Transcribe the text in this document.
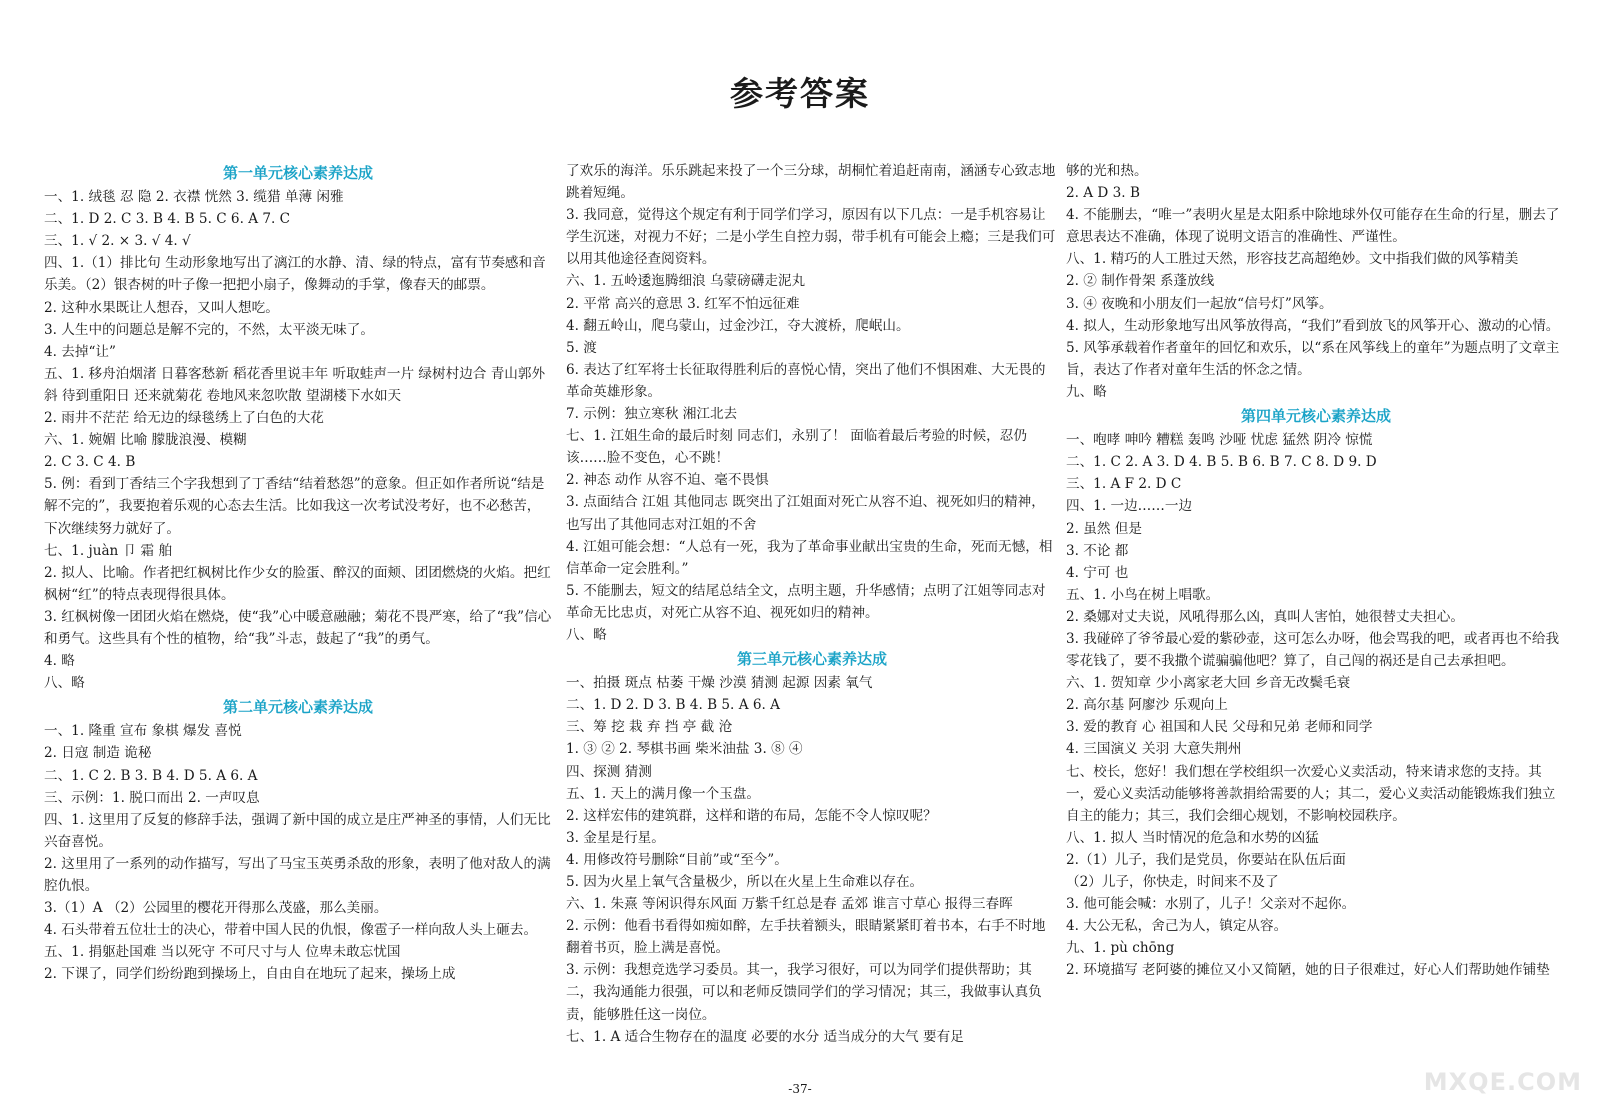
参考答案
第一单元核心素养达成
一、1. 绒毯 忍 隐 2. 衣襟 恍然 3. 缆猎 单薄 闲雅
二、1. D 2. C 3. B 4. B 5. C 6. A 7. C
三、1. √ 2. × 3. √ 4. √
四、1.（1）排比句 生动形象地写出了漓江的水静、清、绿的特点，富有节奏感和音乐美。（2）银杏树的叶子像一把把小扇子，像舞动的手掌，像春天的邮票。
2. 这种水果既让人想吞，又叫人想吃。
3. 人生中的问题总是解不完的，不然，太平淡无味了。
4. 去掉“让”
五、1. 移舟泊烟渚 日暮客愁新 稻花香里说丰年 听取蛙声一片 绿树村边合 青山郭外斜 待到重阳日 还来就菊花 卷地风来忽吹散 望湖楼下水如天
2. 雨井不茫茫 给无边的绿毯绣上了白色的大花
六、1. 婉媚 比喻 朦胧浪漫、模糊
2. C 3. C 4. B
5. 例：看到丁香结三个字我想到了丁香结“结着愁怨”的意象。但正如作者所说“结是解不完的”，我要抱着乐观的心态去生活。比如我这一次考试没考好，也不必愁苦，下次继续努力就好了。
七、1. juàn 卩 霜 舶
2. 拟人、比喻。作者把红枫树比作少女的脸蛋、醉汉的面颊、团团燃烧的火焰。把红枫树“红”的特点表现得很具体。
3. 红枫树像一团团火焰在燃烧，使“我”心中暖意融融；菊花不畏严寒，给了“我”信心和勇气。这些具有个性的植物，给“我”斗志，鼓起了“我”的勇气。
4. 略
八、略
第二单元核心素养达成
一、1. 隆重 宣布 象棋 爆发 喜悦
2. 日寇 制造 诡秘
二、1. C 2. B 3. B 4. D 5. A 6. A
三、示例：1. 脱口而出 2. 一声叹息
四、1. 这里用了反复的修辞手法，强调了新中国的成立是庄严神圣的事情，人们无比兴奋喜悦。
2. 这里用了一系列的动作描写，写出了马宝玉英勇杀敌的形象，表明了他对敌人的满腔仇恨。
3.（1）A （2）公园里的樱花开得那么茂盛，那么美丽。
4. 石头带着五位壮士的决心，带着中国人民的仇恨，像雹子一样向敌人头上砸去。
五、1. 捐躯赴国难 当以死守 不可尺寸与人 位卑未敢忘忧国
2. 下课了，同学们纷纷跑到操场上，自由自在地玩了起来，操场上成
了欢乐的海洋。乐乐跳起来投了一个三分球，胡桐忙着追赶南南，涵涵专心致志地跳着短绳。
3. 我同意，觉得这个规定有利于同学们学习，原因有以下几点：一是手机容易让学生沉迷，对视力不好；二是小学生自控力弱，带手机有可能会上瘾；三是我们可以用其他途径查阅资料。
六、1. 五岭逶迤腾细浪 乌蒙磅礴走泥丸
2. 平常 高兴的意思 3. 红军不怕远征难
4. 翻五岭山，爬乌蒙山，过金沙江，夺大渡桥，爬岷山。
5. 渡
6. 表达了红军将士长征取得胜利后的喜悦心情，突出了他们不惧困难、大无畏的革命英雄形象。
7. 示例：独立寒秋 湘江北去
七、1. 江姐生命的最后时刻 同志们，永别了！ 面临着最后考验的时候，忍仍该……脸不变色，心不跳！
2. 神态 动作 从容不迫、毫不畏惧
3. 点面结合 江姐 其他同志 既突出了江姐面对死亡从容不迫、视死如归的精神，也写出了其他同志对江姐的不舍
4. 江姐可能会想：“人总有一死，我为了革命事业献出宝贵的生命，死而无憾，相信革命一定会胜利。”
5. 不能删去，短文的结尾总结全文，点明主题，升华感情；点明了江姐等同志对革命无比忠贞，对死亡从容不迫、视死如归的精神。
八、略
第三单元核心素养达成
一、拍摄 斑点 枯萎 干燥 沙漠 猜测 起源 因素 氧气
二、1. D 2. D 3. B 4. B 5. A 6. A
三、筹 挖 栽 弃 挡 亭 截 沧
1. ③ ② 2. 琴棋书画 柴米油盐 3. ⑧ ④
四、探测 猜测
五、1. 天上的满月像一个玉盘。
2. 这样宏伟的建筑群，这样和谐的布局，怎能不令人惊叹呢？
3. 金星是行星。
4. 用修改符号删除“目前”或“至今”。
5. 因为火星上氧气含量极少，所以在火星上生命难以存在。
六、1. 朱熹 等闲识得东风面 万紫千红总是春 孟郊 谁言寸草心 报得三春晖
2. 示例：他看书看得如痴如醉，左手扶着额头，眼睛紧紧盯着书本，右手不时地翻着书页，脸上满是喜悦。
3. 示例：我想竞选学习委员。其一，我学习很好，可以为同学们提供帮助；其二，我沟通能力很强，可以和老师反馈同学们的学习情况；其三，我做事认真负责，能够胜任这一岗位。
七、1. A 适合生物存在的温度 必要的水分 适当成分的大气 要有足
够的光和热。
2. A D 3. B
4. 不能删去，“唯一”表明火星是太阳系中除地球外仅可能存在生命的行星，删去了意思表达不准确，体现了说明文语言的准确性、严谨性。
八、1. 精巧的人工胜过天然，形容技艺高超绝妙。文中指我们做的风筝精美
2. ② 制作骨架 系蓬放线
3. ④ 夜晚和小朋友们一起放“信号灯”风筝。
4. 拟人，生动形象地写出风筝放得高，“我们”看到放飞的风筝开心、激动的心情。
5. 风筝承载着作者童年的回忆和欢乐，以“系在风筝线上的童年”为题点明了文章主旨，表达了作者对童年生活的怀念之情。
九、略
第四单元核心素养达成
一、咆哮 呻吟 糟糕 轰鸣 沙哑 忧虑 猛然 阴冷 惊慌
二、1. C 2. A 3. D 4. B 5. B 6. B 7. C 8. D 9. D
三、1. A F 2. D C
四、1. 一边……一边
2. 虽然 但是
3. 不论 都
4. 宁可 也
五、1. 小鸟在树上唱歌。
2. 桑娜对丈夫说，风吼得那么凶，真叫人害怕，她很替丈夫担心。
3. 我碰碎了爷爷最心爱的紫砂壶，这可怎么办呀，他会骂我的吧，或者再也不给我零花钱了，要不我撒个谎骗骗他吧？算了，自己闯的祸还是自己去承担吧。
六、1. 贺知章 少小离家老大回 乡音无改鬓毛衰
2. 高尔基 阿廖沙 乐观向上
3. 爱的教育 心 祖国和人民 父母和兄弟 老师和同学
4. 三国演义 关羽 大意失荆州
七、校长，您好！我们想在学校组织一次爱心义卖活动，特来请求您的支持。其一，爱心义卖活动能够将善款捐给需要的人；其二，爱心义卖活动能锻炼我们独立自主的能力；其三，我们会细心规划，不影响校园秩序。
八、1. 拟人 当时情况的危急和水势的凶猛
2.（1）儿子，我们是党员，你要站在队伍后面
（2）儿子，你快走，时间来不及了
3. 他可能会喊：水别了，儿子！父亲对不起你。
4. 大公无私，舍己为人，镇定从容。
九、1. pù chōng
2. 环境描写 老阿婆的摊位又小又简陋，她的日子很难过，好心人们帮助她作铺垫
-37-	MXQE.COM
